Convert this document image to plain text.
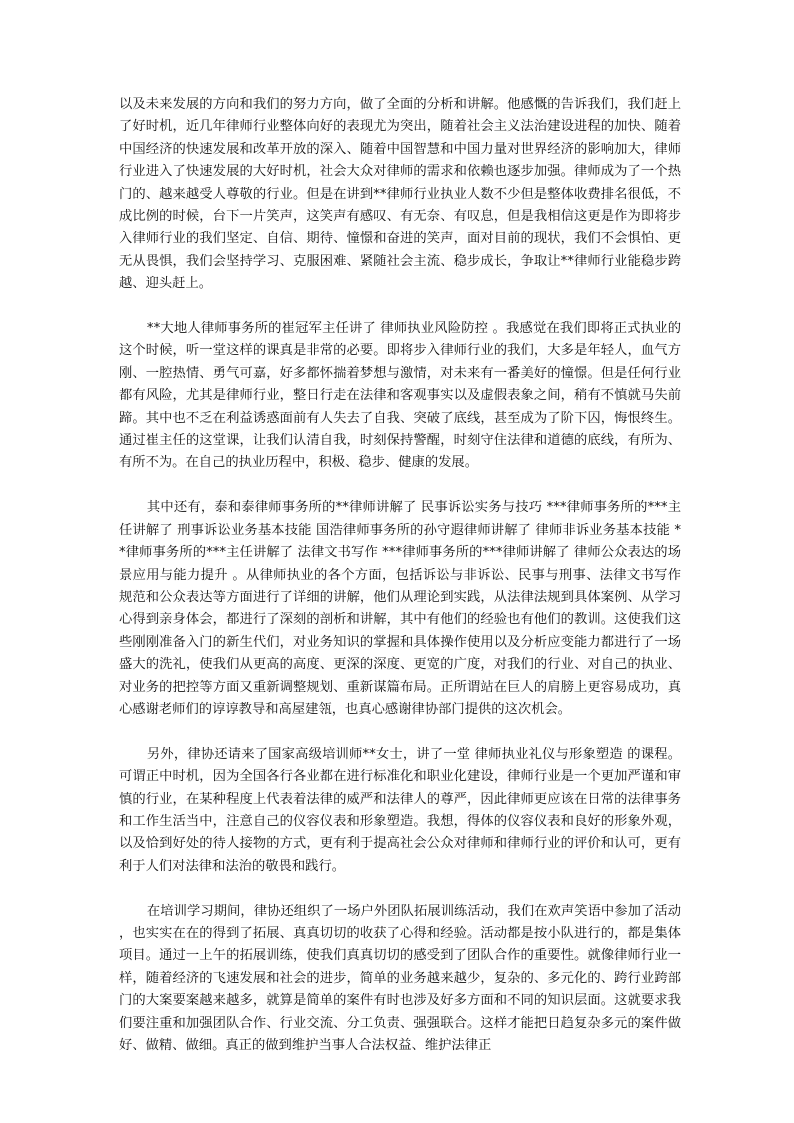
以及未来发展的方向和我们的努力方向，做了全面的分析和讲解。他感慨的告诉我们，我们赶上了好时机，近几年律师行业整体向好的表现尤为突出，随着社会主义法治建设进程的加快、随着中国经济的快速发展和改革开放的深入、随着中国智慧和中国力量对世界经济的影响加大，律师行业进入了快速发展的大好时机，社会大众对律师的需求和依赖也逐步加强。律师成为了一个热门的、越来越受人尊敬的行业。但是在讲到**律师行业执业人数不少但是整体收费排名很低，不成比例的时候，台下一片笑声，这笑声有感叹、有无奈、有叹息，但是我相信这更是作为即将步入律师行业的我们坚定、自信、期待、憧憬和奋进的笑声，面对目前的现状，我们不会惧怕、更无从畏惧，我们会坚持学习、克服困难、紧随社会主流、稳步成长，争取让**律师行业能稳步跨越、迎头赶上。

**大地人律师事务所的崔冠军主任讲了 律师执业风险防控 。我感觉在我们即将正式执业的这个时候，听一堂这样的课真是非常的必要。即将步入律师行业的我们，大多是年轻人，血气方刚、一腔热情、勇气可嘉，好多都怀揣着梦想与激情，对未来有一番美好的憧憬。但是任何行业都有风险，尤其是律师行业，整日行走在法律和客观事实以及虚假表象之间，稍有不慎就马失前蹄。其中也不乏在利益诱惑面前有人失去了自我、突破了底线，甚至成为了阶下囚，悔恨终生。通过崔主任的这堂课，让我们认清自我，时刻保持警醒，时刻守住法律和道德的底线，有所为、有所不为。在自己的执业历程中，积极、稳步、健康的发展。

其中还有，泰和泰律师事务所的**律师讲解了 民事诉讼实务与技巧 ***律师事务所的***主任讲解了 刑事诉讼业务基本技能 国浩律师事务所的孙守遐律师讲解了 律师非诉业务基本技能 **律师事务所的***主任讲解了 法律文书写作 ***律师事务所的***律师讲解了 律师公众表达的场景应用与能力提升 。从律师执业的各个方面，包括诉讼与非诉讼、民事与刑事、法律文书写作规范和公众表达等方面进行了详细的讲解，他们从理论到实践，从法律法规到具体案例、从学习心得到亲身体会，都进行了深刻的剖析和讲解，其中有他们的经验也有他们的教训。这使我们这些刚刚准备入门的新生代们，对业务知识的掌握和具体操作使用以及分析应变能力都进行了一场盛大的洗礼，使我们从更高的高度、更深的深度、更宽的广度，对我们的行业、对自己的执业、对业务的把控等方面又重新调整规划、重新谋篇布局。正所谓站在巨人的肩膀上更容易成功，真心感谢老师们的谆谆教导和高屋建瓴，也真心感谢律协部门提供的这次机会。

另外，律协还请来了国家高级培训师**女士，讲了一堂 律师执业礼仪与形象塑造 的课程。可谓正中时机，因为全国各行各业都在进行标准化和职业化建设，律师行业是一个更加严谨和审慎的行业，在某种程度上代表着法律的威严和法律人的尊严，因此律师更应该在日常的法律事务和工作生活当中，注意自己的仪容仪表和形象塑造。我想，得体的仪容仪表和良好的形象外观，以及恰到好处的待人接物的方式，更有利于提高社会公众对律师和律师行业的评价和认可，更有利于人们对法律和法治的敬畏和践行。

在培训学习期间，律协还组织了一场户外团队拓展训练活动，我们在欢声笑语中参加了活动，也实实在在的得到了拓展、真真切切的收获了心得和经验。活动都是按小队进行的，都是集体项目。通过一上午的拓展训练，使我们真真切切的感受到了团队合作的重要性。就像律师行业一样，随着经济的飞速发展和社会的进步，简单的业务越来越少，复杂的、多元化的、跨行业跨部门的大案要案越来越多，就算是简单的案件有时也涉及好多方面和不同的知识层面。这就要求我们要注重和加强团队合作、行业交流、分工负责、强强联合。这样才能把日趋复杂多元的案件做好、做精、做细。真正的做到维护当事人合法权益、维护法律正
